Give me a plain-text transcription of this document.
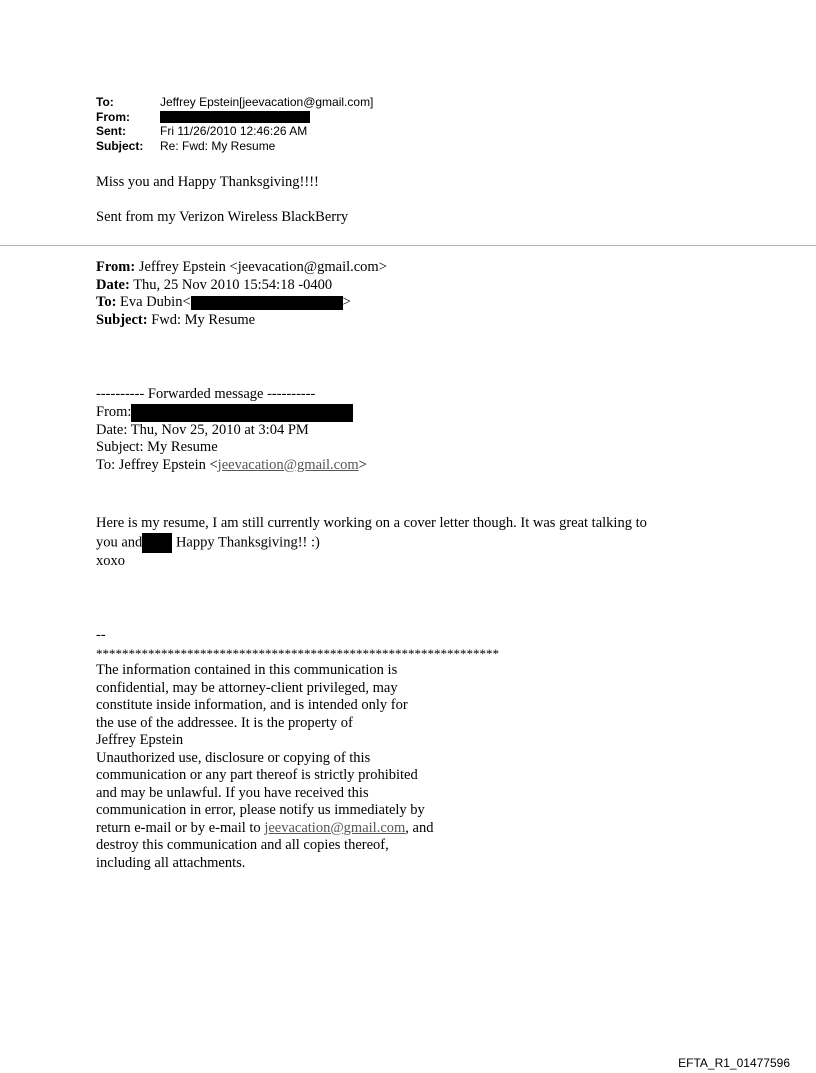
To:	Jeffrey Epstein[jeevacation@gmail.com]
From:
Sent:	Fri 11/26/2010 12:46:26 AM
Subject: Re: Fwd: My Resume
Miss you and Happy Thanksgiving!!!!
Sent from my Verizon Wireless BlackBerry
From: Jeffrey Epstein <jeevacation@gmail.com>
Date: Thu, 25 Nov 2010 15:54:18 -0400
To: Eva Dubin<	>
Subject: Fwd: My Resume
---------- Forwarded message ----------
From:
Date: Thu, Nov 25, 2010 at 3:04 PM
Subject: My Resume
To: Jeffrey Epstein <jeevacation@gmail.com>
Here is my resume, I am still currently working on a cover letter though. It was great talking to
you and Happy Thanksgiving!! :)
xoxo
--
**************************************************************
The information contained in this communication is
confidential, may be attorney-client privileged, may
constitute inside information, and is intended only for
the use of the addressee. It is the property of
Jeffrey Epstein
Unauthorized use, disclosure or copying of this
communication or any part thereof is strictly prohibited
and may be unlawful. If you have received this
communication in error, please notify us immediately by
return e-mail or by e-mail to jeevacation@gmail.com, and
destroy this communication and all copies thereof,
including all attachments.
EFTA_R1_01477596
